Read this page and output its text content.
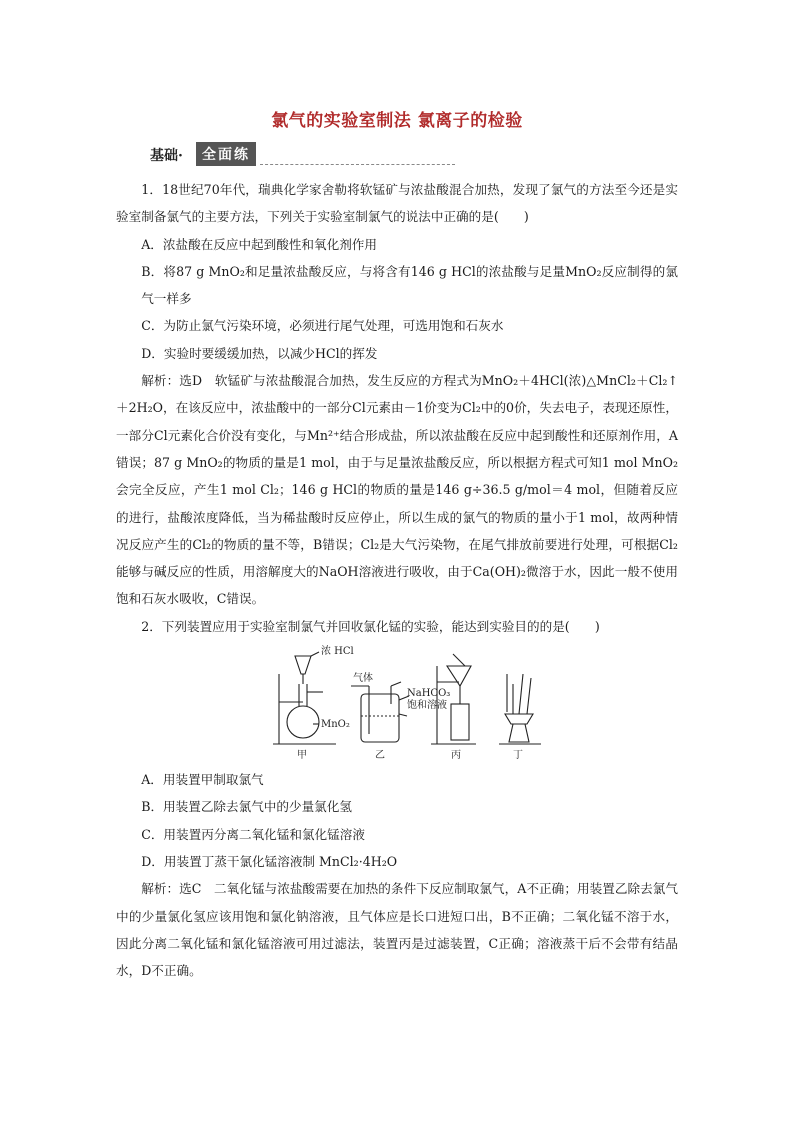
氯气的实验室制法 氯离子的检验
基础·	全面练

1．18世纪70年代，瑞典化学家舍勒将软锰矿与浓盐酸混合加热，发现了氯气的方法至今还是实验室制备氯气的主要方法，下列关于实验室制氯气的说法中正确的是(　　)

A．浓盐酸在反应中起到酸性和氧化剂作用

B．将87 g MnO₂和足量浓盐酸反应，与将含有146 g HCl的浓盐酸与足量MnO₂反应制得的氯气一样多

C．为防止氯气污染环境，必须进行尾气处理，可选用饱和石灰水

D．实验时要缓缓加热，以减少HCl的挥发

解析：选D　软锰矿与浓盐酸混合加热，发生反应的方程式为MnO₂＋4HCl(浓)△MnCl₂＋Cl₂↑＋2H₂O，在该反应中，浓盐酸中的一部分Cl元素由－1价变为Cl₂中的0价，失去电子，表现还原性，一部分Cl元素化合价没有变化，与Mn²⁺结合形成盐，所以浓盐酸在反应中起到酸性和还原剂作用，A错误；87 g MnO₂的物质的量是1 mol，由于与足量浓盐酸反应，所以根据方程式可知1 mol MnO₂会完全反应，产生1 mol Cl₂；146 g HCl的物质的量是146 g÷36.5 g/mol＝4 mol，但随着反应的进行，盐酸浓度降低，当为稀盐酸时反应停止，所以生成的氯气的物质的量小于1 mol，故两种情况反应产生的Cl₂的物质的量不等，B错误；Cl₂是大气污染物，在尾气排放前要进行处理，可根据Cl₂能够与碱反应的性质，用溶解度大的NaOH溶液进行吸收，由于Ca(OH)₂微溶于水，因此一般不使用饱和石灰水吸收，C错误。

2．下列装置应用于实验室制氯气并回收氯化锰的实验，能达到实验目的的是(　　)

浓 HCl
MnO₂
气体
NaHCO₃
饱和溶液
甲	乙	丙	丁

A．用装置甲制取氯气

B．用装置乙除去氯气中的少量氯化氢

C．用装置丙分离二氧化锰和氯化锰溶液

D．用装置丁蒸干氯化锰溶液制 MnCl₂·4H₂O

解析：选C　二氧化锰与浓盐酸需要在加热的条件下反应制取氯气，A不正确；用装置乙除去氯气中的少量氯化氢应该用饱和氯化钠溶液，且气体应是长口进短口出，B不正确；二氧化锰不溶于水，因此分离二氧化锰和氯化锰溶液可用过滤法，装置丙是过滤装置，C正确；溶液蒸干后不会带有结晶水，D不正确。
